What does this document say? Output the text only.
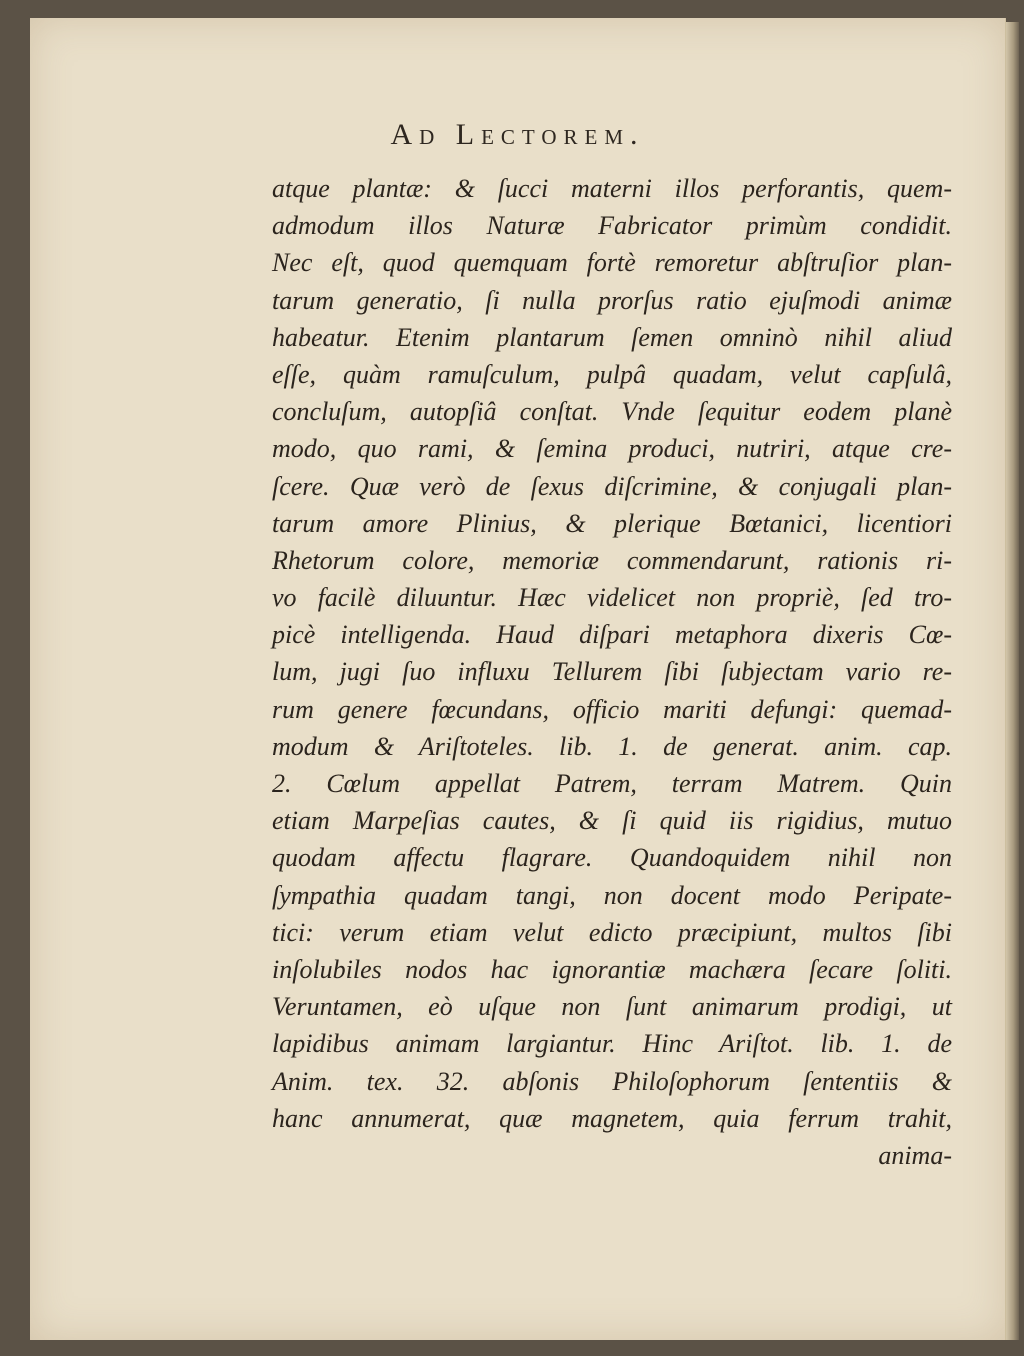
Ad Lectorem.
atque plantæ: & ſucci materni illos perforantis, quem-
admodum illos Naturæ Fabricator primùm condidit.
Nec eſt, quod quemquam fortè remoretur abſtruſior plan-
tarum generatio, ſi nulla prorſus ratio ejuſmodi animæ
habeatur. Etenim plantarum ſemen omninò nihil aliud
eſſe, quàm ramuſculum, pulpâ quadam, velut capſulâ,
concluſum, autopſiâ conſtat. Vnde ſequitur eodem planè
modo, quo rami, & ſemina produci, nutriri, atque cre-
ſcere. Quæ verò de ſexus diſcrimine, & conjugali plan-
tarum amore Plinius, & plerique Bœtanici, licentiori
Rhetorum colore, memoriæ commendarunt, rationis ri-
vo facilè diluuntur. Hæc videlicet non propriè, ſed tro-
picè intelligenda. Haud diſpari metaphora dixeris Cœ-
lum, jugi ſuo influxu Tellurem ſibi ſubjectam vario re-
rum genere fœcundans, officio mariti defungi: quemad-
modum & Ariſtoteles. lib. 1. de generat. anim. cap.
2. Cœlum appellat Patrem, terram Matrem. Quin
etiam Marpeſias cautes, & ſi quid iis rigidius, mutuo
quodam affectu flagrare. Quandoquidem nihil non
ſympathia quadam tangi, non docent modo Peripate-
tici: verum etiam velut edicto præcipiunt, multos ſibi
inſolubiles nodos hac ignorantiæ machæra ſecare ſoliti.
Veruntamen, eò uſque non ſunt animarum prodigi, ut
lapidibus animam largiantur. Hinc Ariſtot. lib. 1. de
Anim. tex. 32. abſonis Philoſophorum ſententiis &
hanc annumerat, quæ magnetem, quia ferrum trahit,
anima-
